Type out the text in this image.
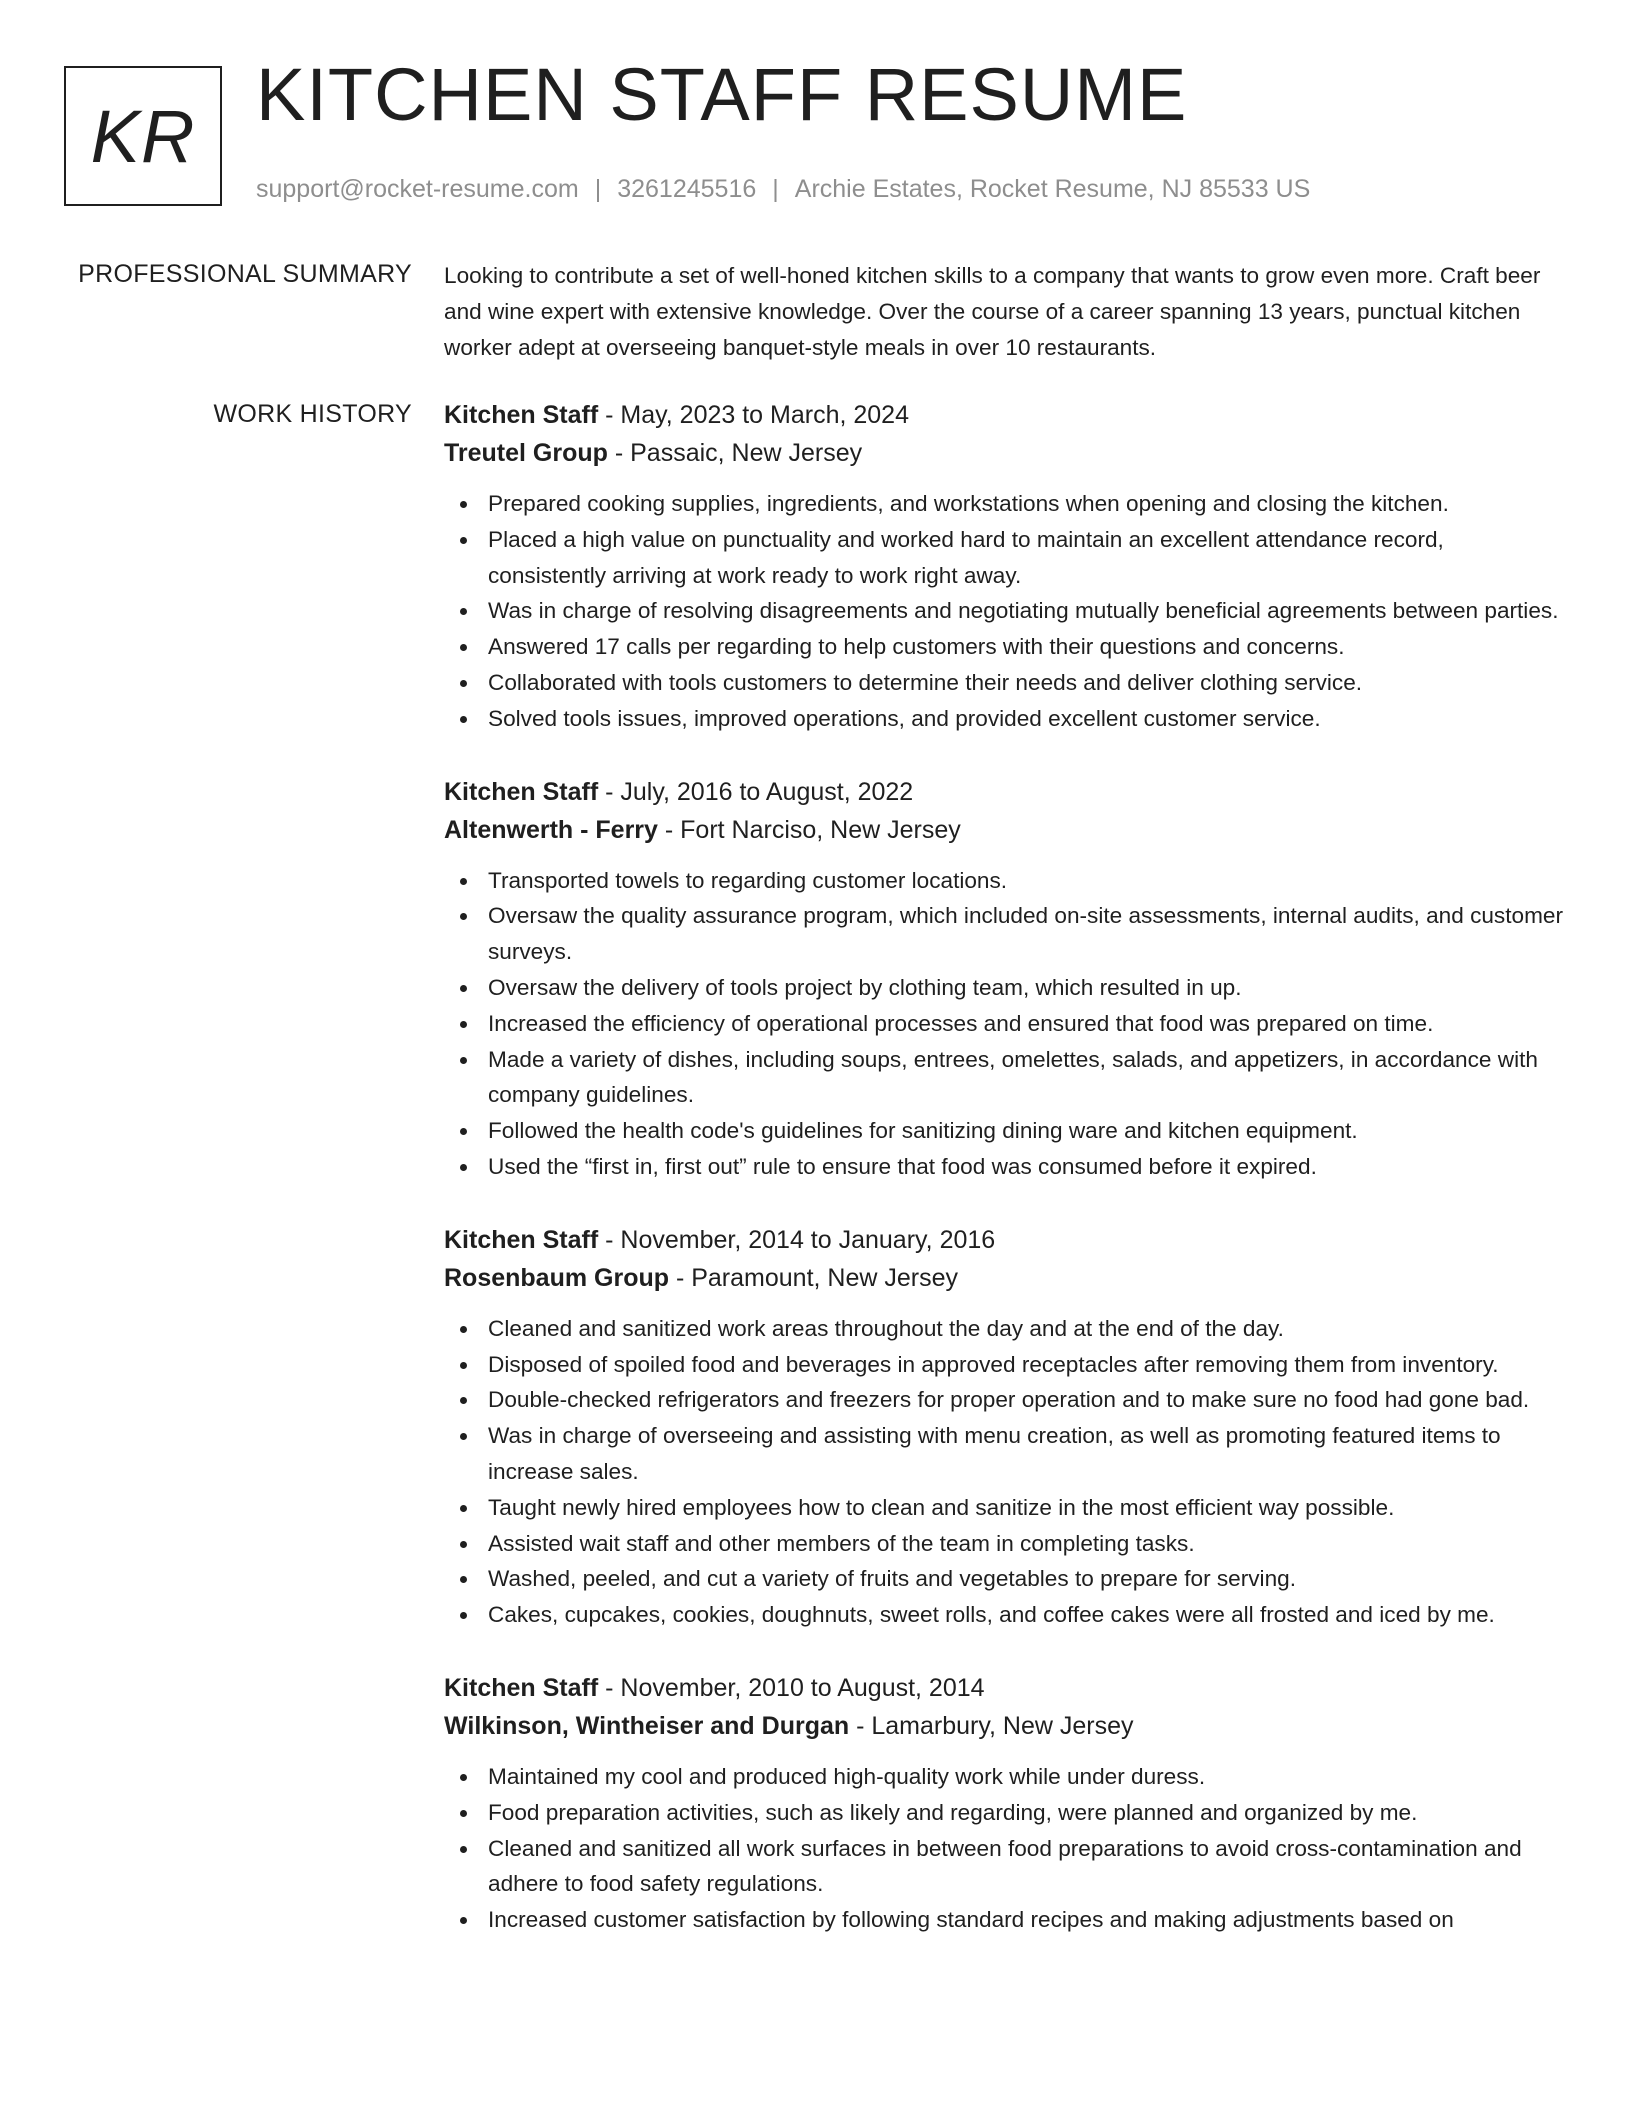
KR KITCHEN STAFF RESUME
support@rocket-resume.com | 3261245516 | Archie Estates, Rocket Resume, NJ 85533 US
PROFESSIONAL SUMMARY Looking to contribute a set of well-honed kitchen skills to a company that wants to grow even more. Craft beer and wine expert with extensive knowledge. Over the course of a career spanning 13 years, punctual kitchen worker adept at overseeing banquet-style meals in over 10 restaurants.

WORK HISTORY Kitchen Staff - May, 2023 to March, 2024
Treutel Group - Passaic, New Jersey
Prepared cooking supplies, ingredients, and workstations when opening and closing the kitchen.
Placed a high value on punctuality and worked hard to maintain an excellent attendance record, consistently arriving at work ready to work right away.
Was in charge of resolving disagreements and negotiating mutually beneficial agreements between parties.
Answered 17 calls per regarding to help customers with their questions and concerns.
Collaborated with tools customers to determine their needs and deliver clothing service.
Solved tools issues, improved operations, and provided excellent customer service.
Kitchen Staff - July, 2016 to August, 2022
Altenwerth - Ferry - Fort Narciso, New Jersey
Transported towels to regarding customer locations.
Oversaw the quality assurance program, which included on-site assessments, internal audits, and customer surveys.
Oversaw the delivery of tools project by clothing team, which resulted in up.
Increased the efficiency of operational processes and ensured that food was prepared on time.
Made a variety of dishes, including soups, entrees, omelettes, salads, and appetizers, in accordance with company guidelines.
Followed the health code's guidelines for sanitizing dining ware and kitchen equipment.
Used the “first in, first out” rule to ensure that food was consumed before it expired.
Kitchen Staff - November, 2014 to January, 2016
Rosenbaum Group - Paramount, New Jersey
Cleaned and sanitized work areas throughout the day and at the end of the day.
Disposed of spoiled food and beverages in approved receptacles after removing them from inventory.
Double-checked refrigerators and freezers for proper operation and to make sure no food had gone bad.
Was in charge of overseeing and assisting with menu creation, as well as promoting featured items to increase sales.
Taught newly hired employees how to clean and sanitize in the most efficient way possible.
Assisted wait staff and other members of the team in completing tasks.
Washed, peeled, and cut a variety of fruits and vegetables to prepare for serving.
Cakes, cupcakes, cookies, doughnuts, sweet rolls, and coffee cakes were all frosted and iced by me.
Kitchen Staff - November, 2010 to August, 2014
Wilkinson, Wintheiser and Durgan - Lamarbury, New Jersey
Maintained my cool and produced high-quality work while under duress.
Food preparation activities, such as likely and regarding, were planned and organized by me.
Cleaned and sanitized all work surfaces in between food preparations to avoid cross-contamination and adhere to food safety regulations.
Increased customer satisfaction by following standard recipes and making adjustments based on
